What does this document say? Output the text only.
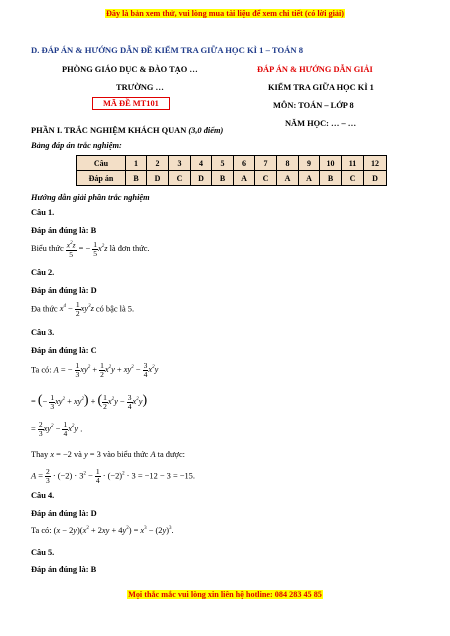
Đây là bản xem thử, vui lòng mua tài liệu để xem chi tiết (có lời giải)
D. ĐÁP ÁN & HƯỚNG DẪN ĐỀ KIỂM TRA GIỮA HỌC KÌ 1 – TOÁN 8
PHÒNG GIÁO DỤC & ĐÀO TẠO …
TRƯỜNG …
MÃ ĐỀ MT101
ĐÁP ÁN & HƯỚNG DẪN GIẢI
KIỂM TRA GIỮA HỌC KÌ 1
MÔN: TOÁN – LỚP 8
NĂM HỌC: … – …
PHẦN I. TRẮC NGHIỆM KHÁCH QUAN (3,0 điểm)
Bảng đáp án trắc nghiệm:
Câu	1	2	3	4	5	6	7	8	9	10	11	12
Đáp án	B	D	C	D	B	A	C	A	A	B	C	D
Hướng dẫn giải phần trắc nghiệm
Câu 1.
Đáp án đúng là: B
Biểu thức $\frac{x^2z}{5}$ = − $\frac{1}{5} x^2z$ là đơn thức.
Câu 2.
Đáp án đúng là: D
Đa thức $x^4 - \frac{1}{2} xy^3z$ có bậc là 5.
Câu 3.
Đáp án đúng là: C
Ta có: A = − $\frac{1}{3} xy^2 + \frac{1}{2} x^2y + xy^2 - \frac{3}{4} x^2y$
= (− $\frac{1}{3} xy^2 + xy^2$) + ( $\frac{1}{2} x^2y - \frac{3}{4} x^2y$)
= $\frac{2}{3} xy^2 - \frac{1}{4} x^2y$ .
Thay x = −2 và y = 3 vào biểu thức A ta được:
$A = \frac{2}{3} \cdot (-2) \cdot 3^2 - \frac{1}{4} \cdot (-2)^2 \cdot 3 = -12 - 3 = -15$.
Câu 4.
Đáp án đúng là: D
Ta có: $(x - 2y)(x^2 + 2xy + 4y^2) = x^3 - (2y)^3$.
Câu 5.
Đáp án đúng là: B
Mọi thắc mắc vui lòng xin liên hệ hotline: 084 283 45 85
